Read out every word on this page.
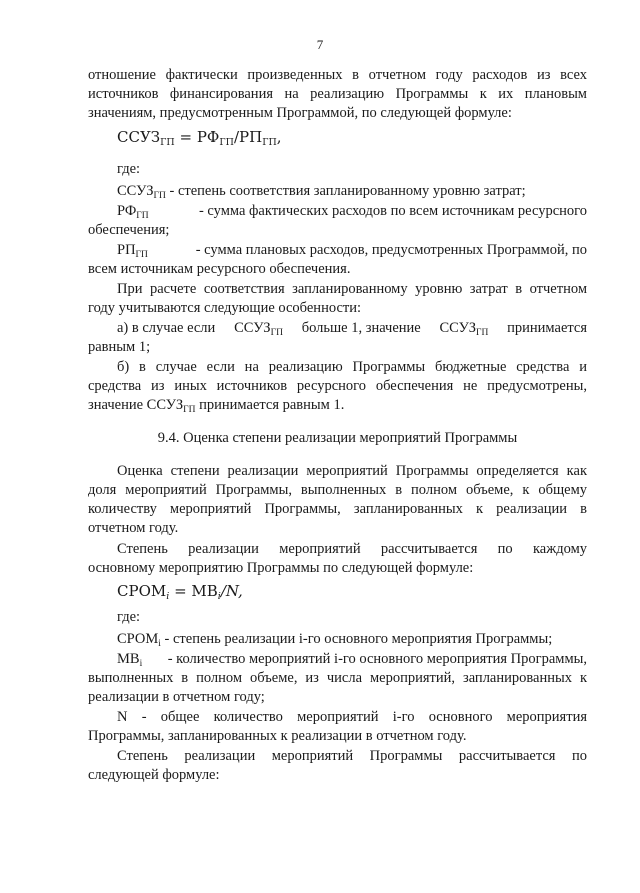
7
отношение фактически произведенных в отчетном году расходов из всех
источников финансирования на реализацию Программы к их плановым
значениям, предусмотренным Программой, по следующей формуле:
$ССУЗ_{ГП} = РФ_{ГП}/РП_{ГП}$,
где:
$ССУЗ_{ГП}$ - степень соответствия запланированному уровню затрат;
$РФ_{ГП}$	- сумма фактических расходов по всем источникам ресурсного
обеспечения;
$РП_{ГП}$	- сумма плановых расходов, предусмотренных Программой, по
всем источникам ресурсного обеспечения.
При расчете соответствия запланированному уровню затрат в отчетном
году учитываются следующие особенности:
а) в случае если $ССУЗ_{ГП}$ больше 1, значение $ССУЗ_{ГП}$ принимается
равным 1;
б) в случае если на реализацию Программы бюджетные средства и
средства из иных источников ресурсного обеспечения не предусмотрены,
значение $ССУЗ_{ГП}$ принимается равным 1.
9.4. Оценка степени реализации мероприятий Программы
Оценка степени реализации мероприятий Программы определяется как
доля мероприятий Программы, выполненных в полном объеме, к общему
количеству мероприятий Программы, запланированных к реализации в
отчетном году.
Степень реализации мероприятий рассчитывается по каждому
основному мероприятию Программы по следующей формуле:
$СРОМ_i = МВ_i/N$,
где:
$СРОМ_i$ - степень реализации i-го основного мероприятия Программы;
$МВ_i$ - количество мероприятий i-го основного мероприятия Программы,
выполненных в полном объеме, из числа мероприятий, запланированных к
реализации в отчетном году;
N - общее количество мероприятий i-го основного мероприятия
Программы, запланированных к реализации в отчетном году.
Степень реализации мероприятий Программы рассчитывается по
следующей формуле:
